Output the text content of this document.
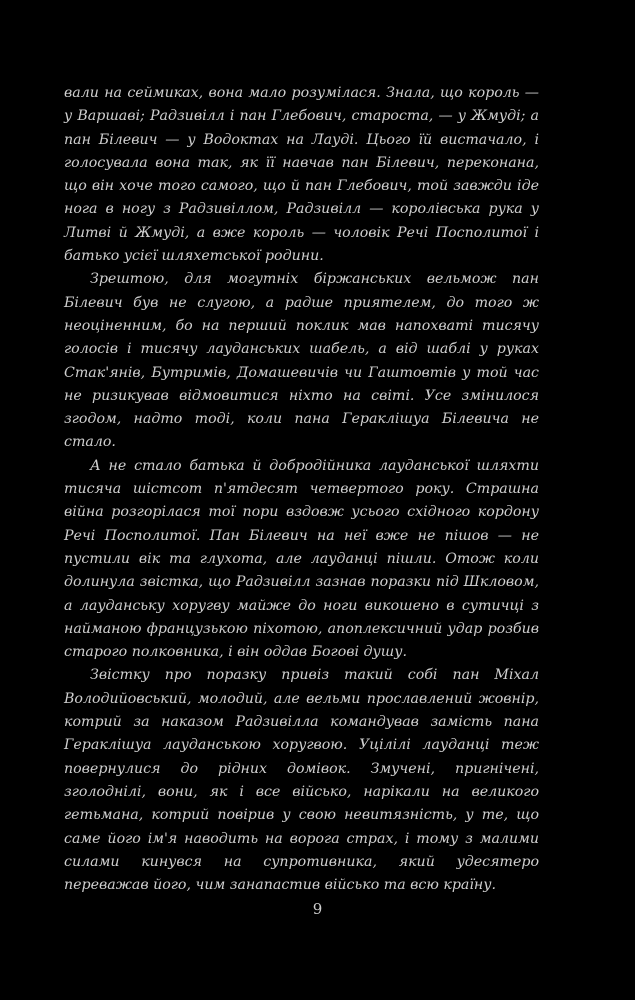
вали на сеймиках, вона мало розумілася. Знала, що король — у Варшаві; Радзивілл і пан Глебович, староста, — у Жмуді; а пан Білевич — у Водоктах на Лауді. Цього їй вистачало, і голосувала вона так, як її навчав пан Білевич, переконана, що він хоче того самого, що й пан Глебович, той завжди іде нога в ногу з Радзивіллом, Радзивілл — королівська рука у Литві й Жмуді, а вже король — чоловік Речі Посполитої і батько усієї шляхетської родини.

Зрештою, для могутніх біржанських вельмож пан Білевич був не слугою, а радше приятелем, до того ж неоціненним, бо на перший поклик мав напохваті тисячу голосів і тисячу лауданських шабель, а від шаблі у руках Стак'янів, Бутримів, Домашевичів чи Гаштовтів у той час не ризикував відмовитися ніхто на світі. Усе змінилося згодом, надто тоді, коли пана Гераклішуа Білевича не стало.

А не стало батька й добродійника лауданської шляхти тисяча шістсот п'ятдесят четвертого року. Страшна війна розгорілася тої пори вздовж усього східного кордону Речі Посполитої. Пан Білевич на неї вже не пішов — не пустили вік та глухота, але лауданці пішли. Отож коли долинула звістка, що Радзивілл зазнав поразки під Шкловом, а лауданську хоругву майже до ноги викошено в сутичці з найманою французькою піхотою, апоплексичний удар розбив старого полковника, і він оддав Богові душу.

Звістку про поразку привіз такий собі пан Міхал Володийовський, молодий, але вельми прославлений жовнір, котрий за наказом Радзивілла командував замість пана Гераклішуа лауданською хоругвою. Уцілілі лауданці теж повернулися до рідних домівок. Змучені, пригнічені, зголоднілі, вони, як і все військо, нарікали на великого гетьмана, котрий повірив у свою невитязність, у те, що саме його ім'я наводить на ворога страх, і тому з малими силами кинувся на супротивника, який удесятеро переважав його, чим занапастив військо та всю країну.

9
